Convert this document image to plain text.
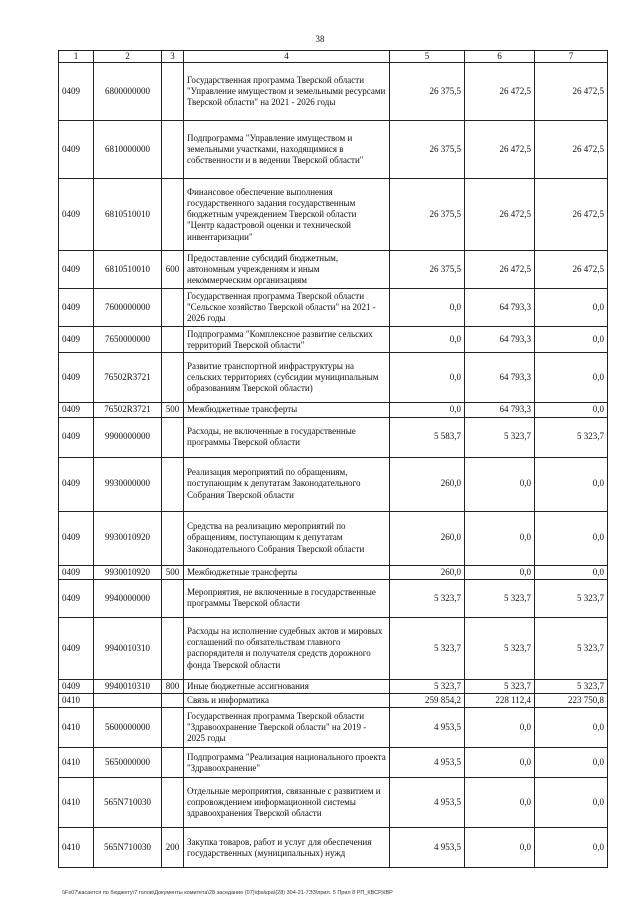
38
1	2	3	4	5	6	7
0409	6800000000		Государственная программа Тверской области "Управление имуществом и земельными ресурсами Тверской области" на 2021 - 2026 годы	26 375,5	26 472,5	26 472,5
0409	6810000000		Подпрограмма "Управление имуществом и земельными участками, находящимися в собственности и в ведении Тверской области"	26 375,5	26 472,5	26 472,5
0409	6810510010		Финансовое обеспечение выполнения государственного задания государственным бюджетным учреждением Тверской области "Центр кадастровой оценки и технической инвентаризации"	26 375,5	26 472,5	26 472,5
0409	6810510010	600	Предоставление субсидий бюджетным, автономным учреждениям и иным некоммерческим организациям	26 375,5	26 472,5	26 472,5
0409	7600000000		Государственная программа Тверской области "Сельское хозяйство Тверской области" на 2021 - 2026 годы	0,0	64 793,3	0,0
0409	7650000000		Подпрограмма "Комплексное развитие сельских территорий Тверской области"	0,0	64 793,3	0,0
0409	76502R3721		Развитие транспортной инфраструктуры на сельских территориях (субсидии муниципальным образованиям Тверской области)	0,0	64 793,3	0,0
0409	76502R3721	500	Межбюджетные трансферты	0,0	64 793,3	0,0
0409	9900000000		Расходы, не включенные в государственные программы Тверской области	5 583,7	5 323,7	5 323,7
0409	9930000000		Реализация мероприятий по обращениям, поступающим к депутатам Законодательного Собрания Тверской области	260,0	0,0	0,0
0409	9930010920		Средства на реализацию мероприятий по обращениям, поступающим к депутатам Законодательного Собрания Тверской области	260,0	0,0	0,0
0409	9930010920	500	Межбюджетные трансферты	260,0	0,0	0,0
0409	9940000000		Мероприятия, не включенные в государственные программы Тверской области	5 323,7	5 323,7	5 323,7
0409	9940010310		Расходы на исполнение судебных актов и мировых соглашений по обязательствам главного распорядителя и получателя средств дорожного фонда Тверской области	5 323,7	5 323,7	5 323,7
0409	9940010310	800	Иные бюджетные ассигнования	5 323,7	5 323,7	5 323,7
0410			Связь и информатика	259 854,2	228 112,4	223 750,8
0410	5600000000		Государственная программа Тверской области "Здравоохранение Тверской области" на 2019 - 2025 годы	4 953,5	0,0	0,0
0410	5650000000		Подпрограмма "Реализация национального проекта "Здравоохранение"	4 953,5	0,0	0,0
0410	565N710030		Отдельные мероприятия, связанные с развитием и сопровождением информационной системы здравоохранения Тверской области	4 953,5	0,0	0,0
0410	565N710030	200	Закупка товаров, работ и услуг для обеспечения государственных (муниципальных) нужд	4 953,5	0,0	0,0
\\Fs07\касается по бюджету\7 голов\Документы комитета\28 заседание (07)\фа\кра\(28) 304-21-7ЭЗ\прил. 5 Прил 8 РП_КВСР,КВР
